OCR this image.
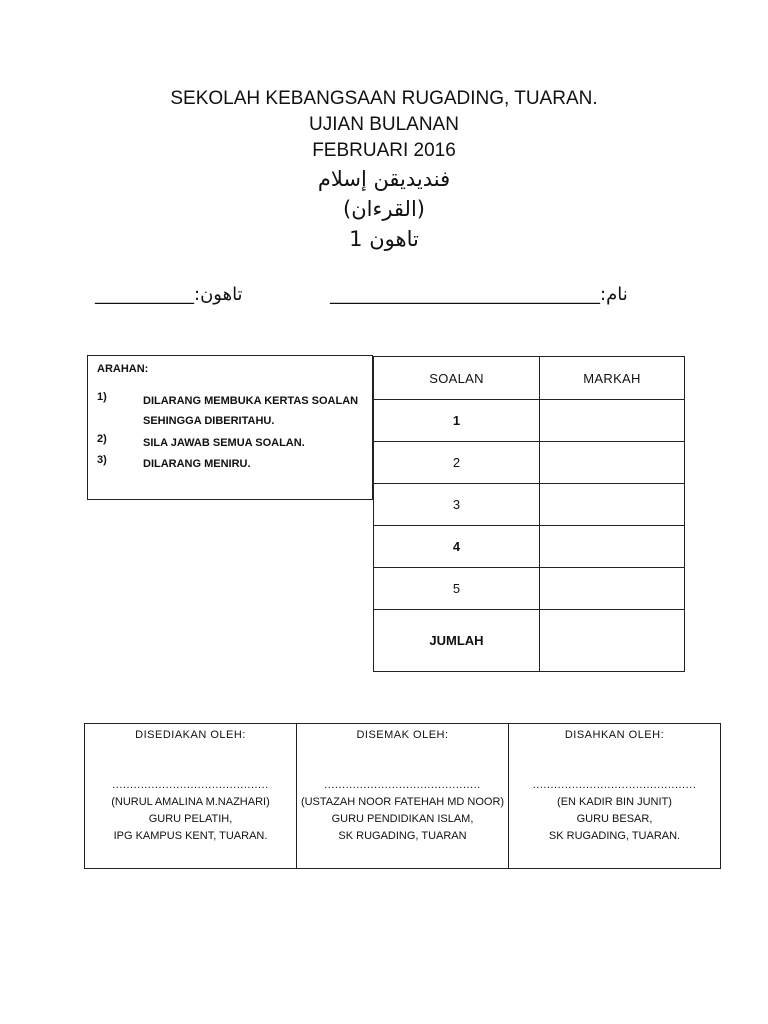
SEKOLAH KEBANGSAAN RUGADING, TUARAN.
UJIAN BULANAN
FEBRUARI 2016
فنديديقن إسلام
(القرءان)
تاهون 1
تاهون:___________	نام:______________________________
ARAHAN:
1)	DILARANG MEMBUKA KERTAS SOALAN SEHINGGA DIBERITAHU.
2)	SILA JAWAB SEMUA SOALAN.
3)	DILARANG MENIRU.
SOALAN	MARKAH
1	
2	
3	
4	
5	
JUMLAH	
DISEDIAKAN OLEH:
............................................
(NURUL AMALINA M.NAZHARI)
GURU PELATIH,
IPG KAMPUS KENT, TUARAN.

DISEMAK OLEH:
............................................
(USTAZAH NOOR FATEHAH MD NOOR)
GURU PENDIDIKAN ISLAM,
SK RUGADING, TUARAN

DISAHKAN OLEH:
..............................................
(EN KADIR BIN JUNIT)
GURU BESAR,
SK RUGADING, TUARAN.
